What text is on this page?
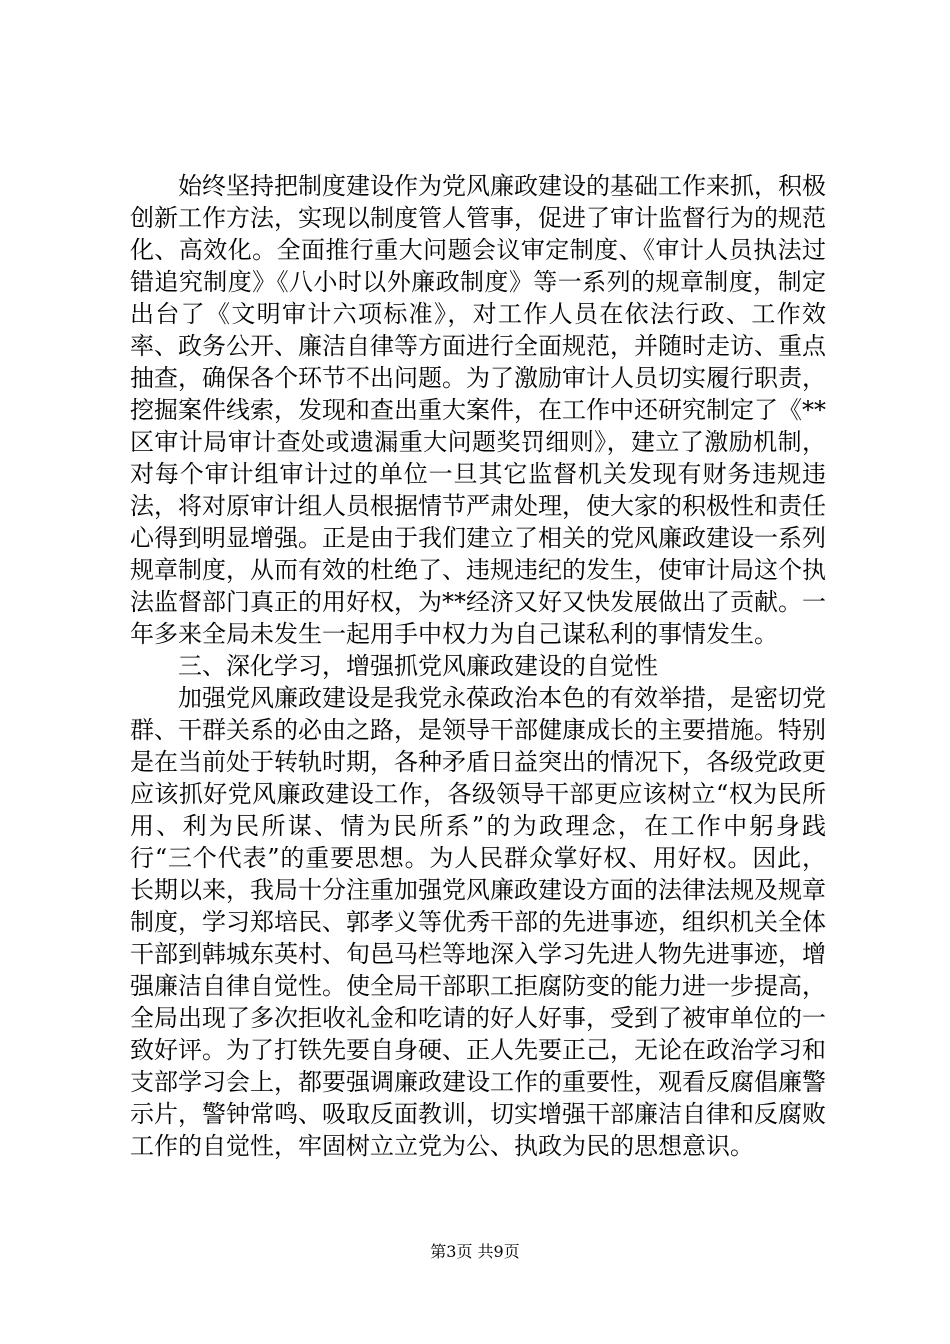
始终坚持把制度建设作为党风廉政建设的基础工作来抓，积极创新工作方法，实现以制度管人管事，促进了审计监督行为的规范化、高效化。全面推行重大问题会议审定制度、《审计人员执法过错追究制度》《八小时以外廉政制度》等一系列的规章制度，制定出台了《文明审计六项标准》，对工作人员在依法行政、工作效率、政务公开、廉洁自律等方面进行全面规范，并随时走访、重点抽查，确保各个环节不出问题。为了激励审计人员切实履行职责，挖掘案件线索，发现和查出重大案件，在工作中还研究制定了《**区审计局审计查处或遗漏重大问题奖罚细则》，建立了激励机制，对每个审计组审计过的单位一旦其它监督机关发现有财务违规违法，将对原审计组人员根据情节严肃处理，使大家的积极性和责任心得到明显增强。正是由于我们建立了相关的党风廉政建设一系列规章制度，从而有效的杜绝了、违规违纪的发生，使审计局这个执法监督部门真正的用好权，为**经济又好又快发展做出了贡献。一年多来全局未发生一起用手中权力为自己谋私利的事情发生。

三、深化学习，增强抓党风廉政建设的自觉性

加强党风廉政建设是我党永葆政治本色的有效举措，是密切党群、干群关系的必由之路，是领导干部健康成长的主要措施。特别是在当前处于转轨时期，各种矛盾日益突出的情况下，各级党政更应该抓好党风廉政建设工作，各级领导干部更应该树立“权为民所用、利为民所谋、情为民所系”的为政理念，在工作中躬身践行“三个代表”的重要思想。为人民群众掌好权、用好权。因此，长期以来，我局十分注重加强党风廉政建设方面的法律法规及规章制度，学习郑培民、郭孝义等优秀干部的先进事迹，组织机关全体干部到韩城东英村、旬邑马栏等地深入学习先进人物先进事迹，增强廉洁自律自觉性。使全局干部职工拒腐防变的能力进一步提高，全局出现了多次拒收礼金和吃请的好人好事，受到了被审单位的一致好评。为了打铁先要自身硬、正人先要正己，无论在政治学习和支部学习会上，都要强调廉政建设工作的重要性，观看反腐倡廉警示片，警钟常鸣、吸取反面教训，切实增强干部廉洁自律和反腐败工作的自觉性，牢固树立立党为公、执政为民的思想意识。

第3页 共9页
